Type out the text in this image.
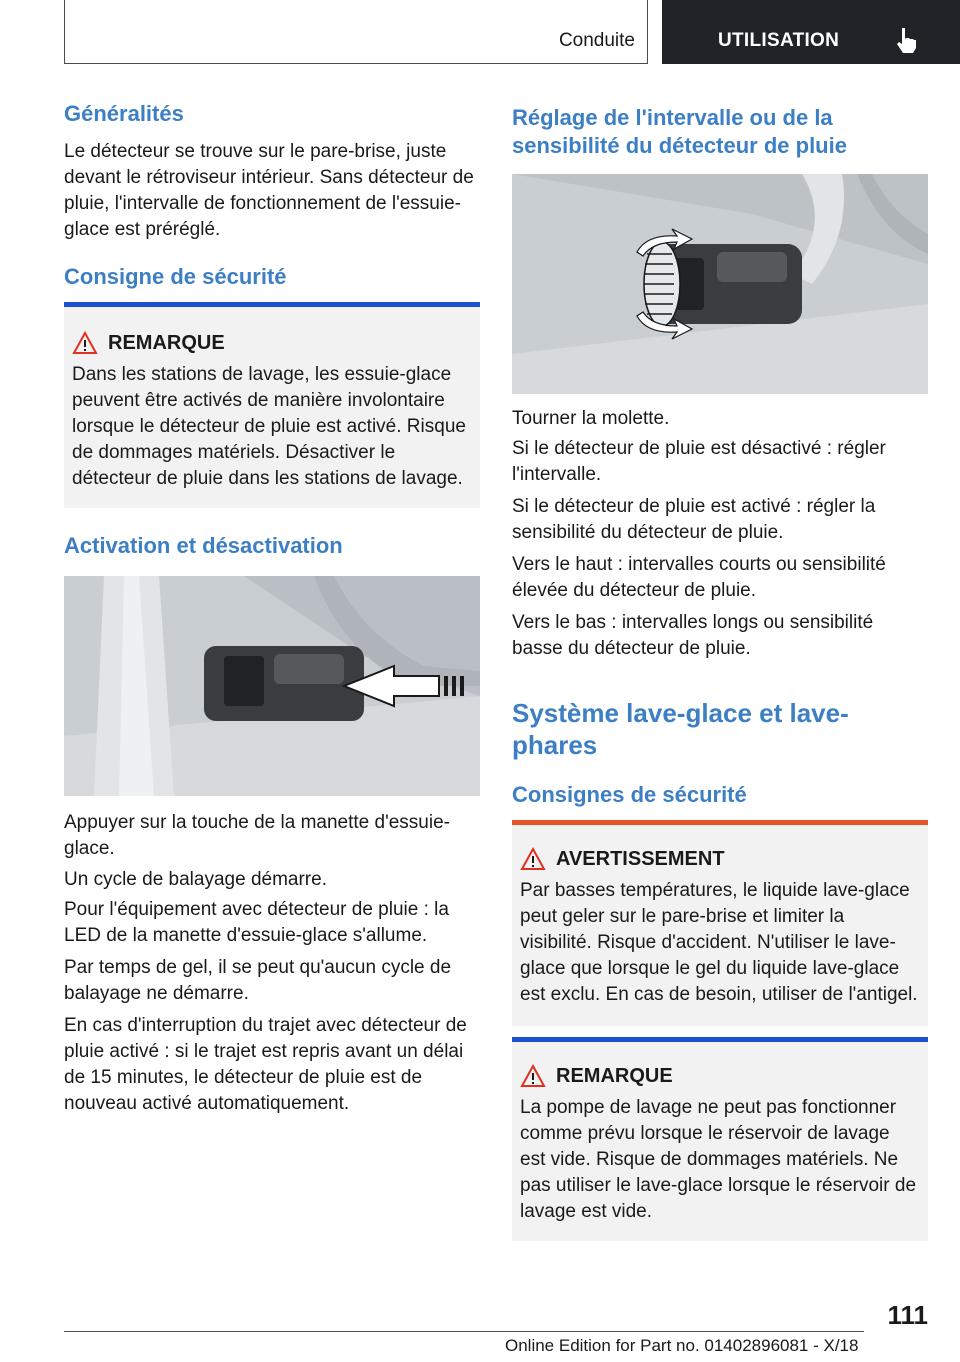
Conduite	UTILISATION
Généralités

Le détecteur se trouve sur le pare-brise, juste devant le rétroviseur intérieur. Sans détecteur de pluie, l'intervalle de fonctionnement de l'essuie-glace est préréglé.

Consigne de sécurité
REMARQUE

Dans les stations de lavage, les essuie-glace peuvent être activés de manière involontaire lorsque le détecteur de pluie est activé. Risque de dommages matériels. Désactiver le détecteur de pluie dans les stations de lavage.

Activation et désactivation

Appuyer sur la touche de la manette d'essuie-glace.

Un cycle de balayage démarre.

Pour l'équipement avec détecteur de pluie : la LED de la manette d'essuie-glace s'allume.

Par temps de gel, il se peut qu'aucun cycle de balayage ne démarre.

En cas d'interruption du trajet avec détecteur de pluie activé : si le trajet est repris avant un délai de 15 minutes, le détecteur de pluie est de nouveau activé automatiquement.

Réglage de l'intervalle ou de la sensibilité du détecteur de pluie

Tourner la molette.

Si le détecteur de pluie est désactivé : régler l'intervalle.

Si le détecteur de pluie est activé : régler la sensibilité du détecteur de pluie.

Vers le haut : intervalles courts ou sensibilité élevée du détecteur de pluie.

Vers le bas : intervalles longs ou sensibilité basse du détecteur de pluie.

Système lave-glace et lave-phares
Consignes de sécurité
AVERTISSEMENT

Par basses températures, le liquide lave-glace peut geler sur le pare-brise et limiter la visibilité. Risque d'accident. N'utiliser le lave-glace que lorsque le gel du liquide lave-glace est exclu. En cas de besoin, utiliser de l'antigel.

REMARQUE

La pompe de lavage ne peut pas fonctionner comme prévu lorsque le réservoir de lavage est vide. Risque de dommages matériels. Ne pas utiliser le lave-glace lorsque le réservoir de lavage est vide.

111
Online Edition for Part no. 01402896081 - X/18
